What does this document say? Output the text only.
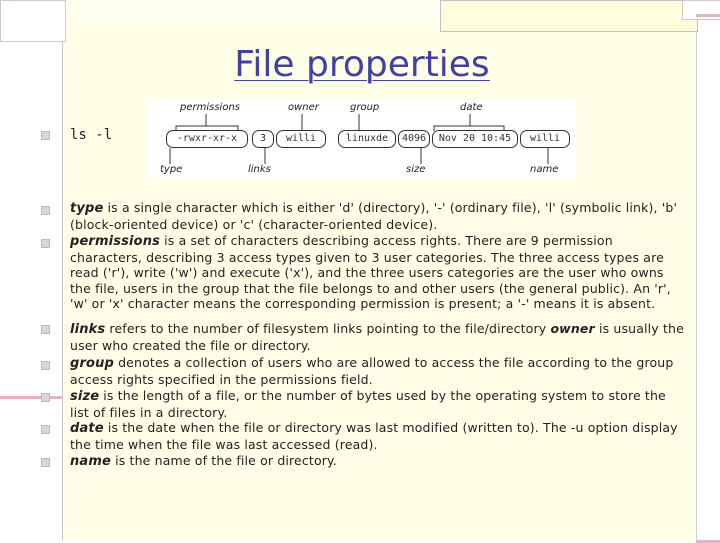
File properties
ls -l
permissions	owner	group	date
-rwxr-xr-x	3	willi	linuxde	4096	Nov 20 10:45	willi
type	links	size	name
type is a single character which is either 'd' (directory), '-' (ordinary file), 'l' (symbolic link), 'b' (block-oriented device) or 'c' (character-oriented device).
permissions is a set of characters describing access rights. There are 9 permission characters, describing 3 access types given to 3 user categories. The three access types are read ('r'), write ('w') and execute ('x'), and the three users categories are the user who owns the file, users in the group that the file belongs to and other users (the general public). An 'r', 'w' or 'x' character means the corresponding permission is present; a '-' means it is absent.
links refers to the number of filesystem links pointing to the file/directory owner is usually the user who created the file or directory.
group denotes a collection of users who are allowed to access the file according to the group access rights specified in the permissions field.
size is the length of a file, or the number of bytes used by the operating system to store the list of files in a directory.
date is the date when the file or directory was last modified (written to). The -u option display the time when the file was last accessed (read).
name is the name of the file or directory.
